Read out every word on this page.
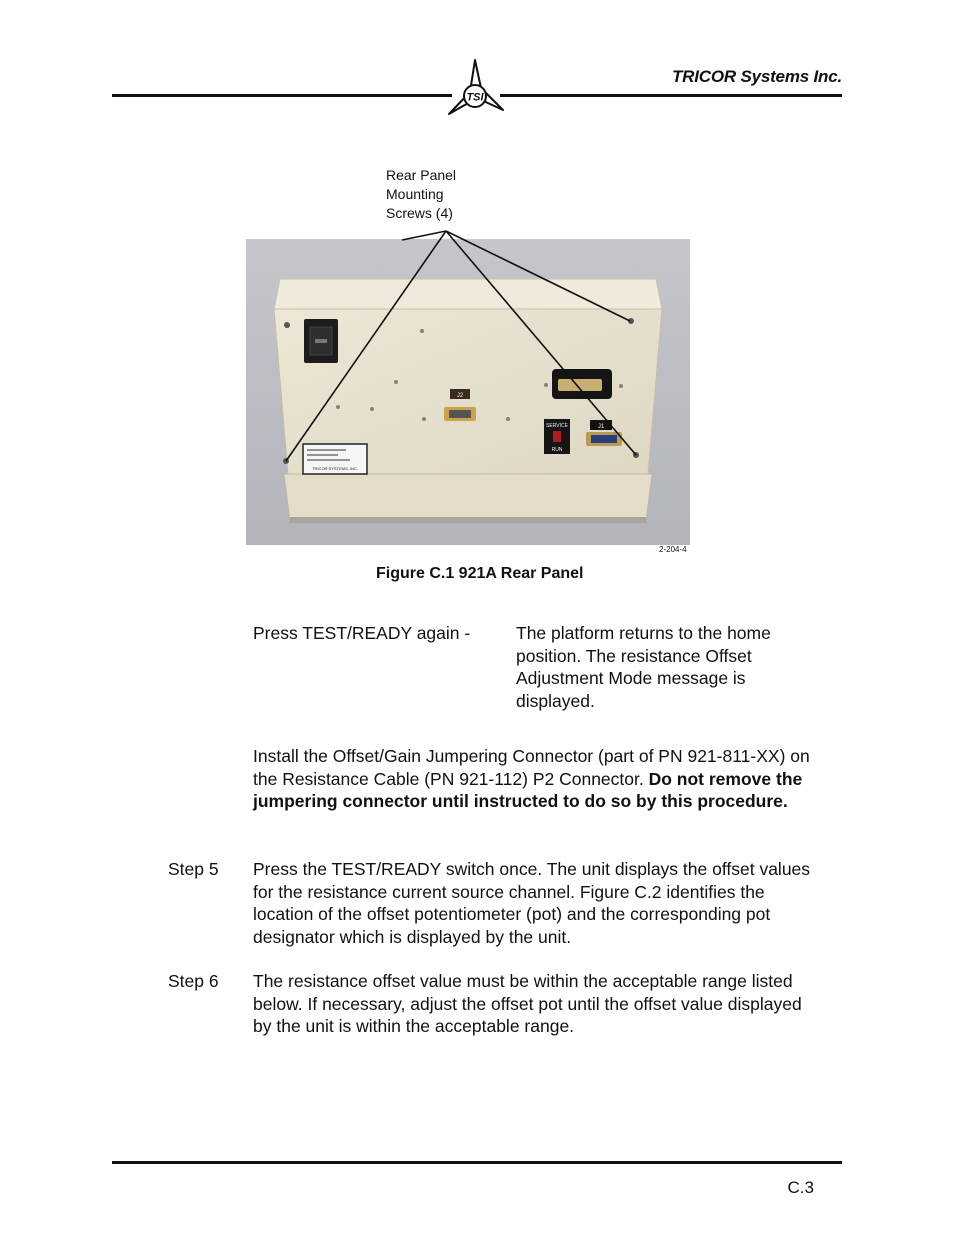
TSI
TRICOR Systems Inc.
Rear Panel
Mounting
Screws (4)
J2
J1
SERVICE
RUN
TRICOR SYSTEMS, INC.
2-204-4
Figure C.1 921A Rear Panel
Press TEST/READY again -	The platform returns to the home position. The resistance Offset Adjustment Mode message is displayed.
Install the Offset/Gain Jumpering Connector (part of PN 921-811-XX) on the Resistance Cable (PN 921-112) P2 Connector. Do not remove the jumpering connector until instructed to do so by this procedure.
Step 5 Press the TEST/READY switch once. The unit displays the offset values for the resistance current source channel. Figure C.2 identifies the location of the offset potentiometer (pot) and the corresponding pot designator which is displayed by the unit.
Step 6 The resistance offset value must be within the acceptable range listed below. If necessary, adjust the offset pot until the offset value displayed by the unit is within the acceptable range.
C.3
